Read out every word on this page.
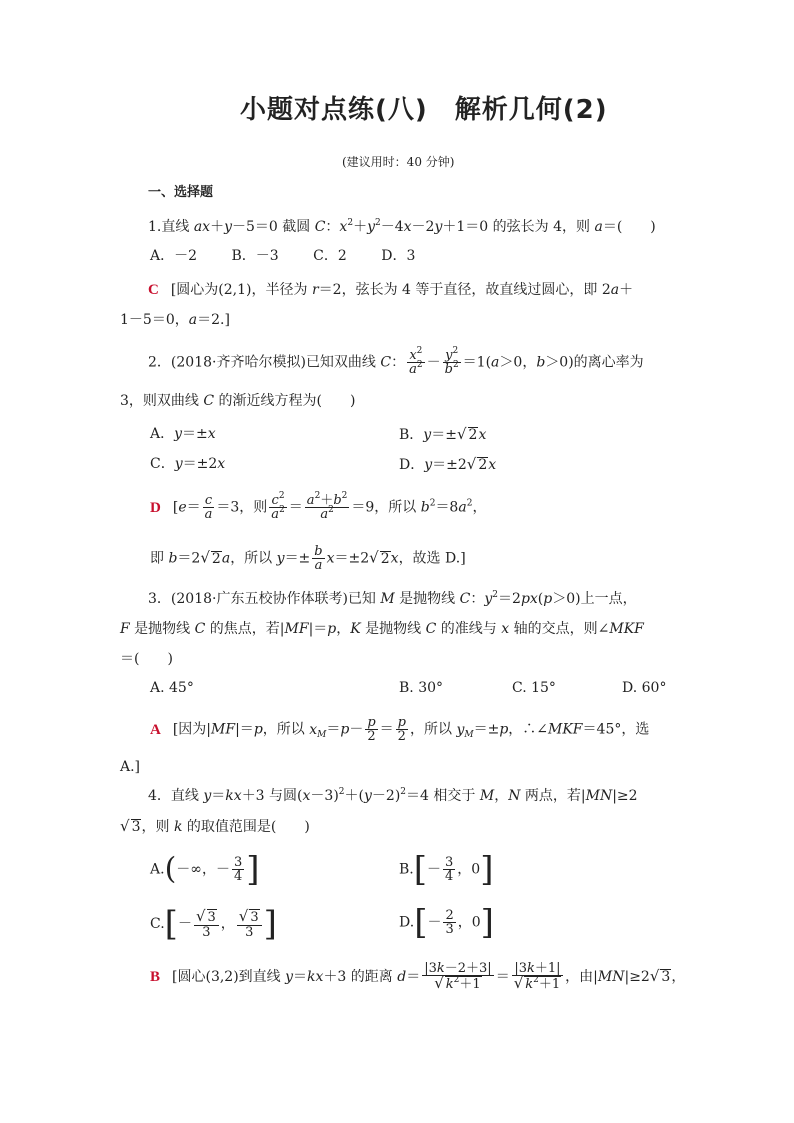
小题对点练(八)　解析几何(2)
(建议用时：40 分钟)
一、选择题
1.直线 ax＋y－5＝0 截圆 C：$x^2+y^2-4x-2y+1=0$ 的弦长为 4，则 a＝(　　)
A．－2 B．－3 C．2 D．3
C [圆心为(2,1)，半径为 r＝2，弦长为 4 等于直径，故直线过圆心，即 2a＋
1－5＝0，a＝2.]
2．(2018·齐齐哈尔模拟)已知双曲线 C： $\frac{x^2}{a^2} - \frac{y^2}{b^2} =1(a>0$，b＞0)的离心率为
3，则双曲线 C 的渐近线方程为(　　)
A．y＝±x	B．y＝±√ 2x
C．y＝±2x	D．y＝±2√ 2x
D [$e= \frac{c}{a} =3$，则 $\frac{c^2}{a^2} = \frac{a^2+b^2}{a^2} =9$，所以 $b^2=8a^2$，
即 b＝2√ 2a，所以 $y=\pm \frac{b}{a} x=\pm 2√$ 2x，故选 D.]
3．(2018·广东五校协作体联考)已知 M 是抛物线 C：$y^2=2px(p>0)$上一点，
F 是抛物线 C 的焦点，若|MF|＝p，K 是抛物线 C 的准线与 x 轴的交点，则∠MKF
＝(　　)
A. 45°	B. 30°	C. 15°	D. 60°
A [因为|MF|＝p，所以 $x_M=p- \frac{p}{2} = \frac{p}{2}$ ，所以 $y_M=\pm p$，∴∠MKF＝45°，选
A.]
4．直线 y＝kx＋3 与圆$(x-3)^2+(y-2)^2=4$ 相交于 M，N 两点，若|MN|≥2
√ 3，则 k 的取值范围是(　　)
A.(－∞，－ $\frac{3}{4}$ ]	$B.[- \frac{3}{4}$ ，0]
$C.[- \frac{√ 3}{3}$ ， $\frac{√ 3}{3}$ ]	$D.[- \frac{2}{3}$ ，0]
B [圆心(3,2)到直线 y＝kx＋3 的距离 $d= \frac{|3k-2+3|}{√ k^2+1} = \frac{|3k+1|}{√ k^2+1}$ ，由|MN|≥2√ 3，
